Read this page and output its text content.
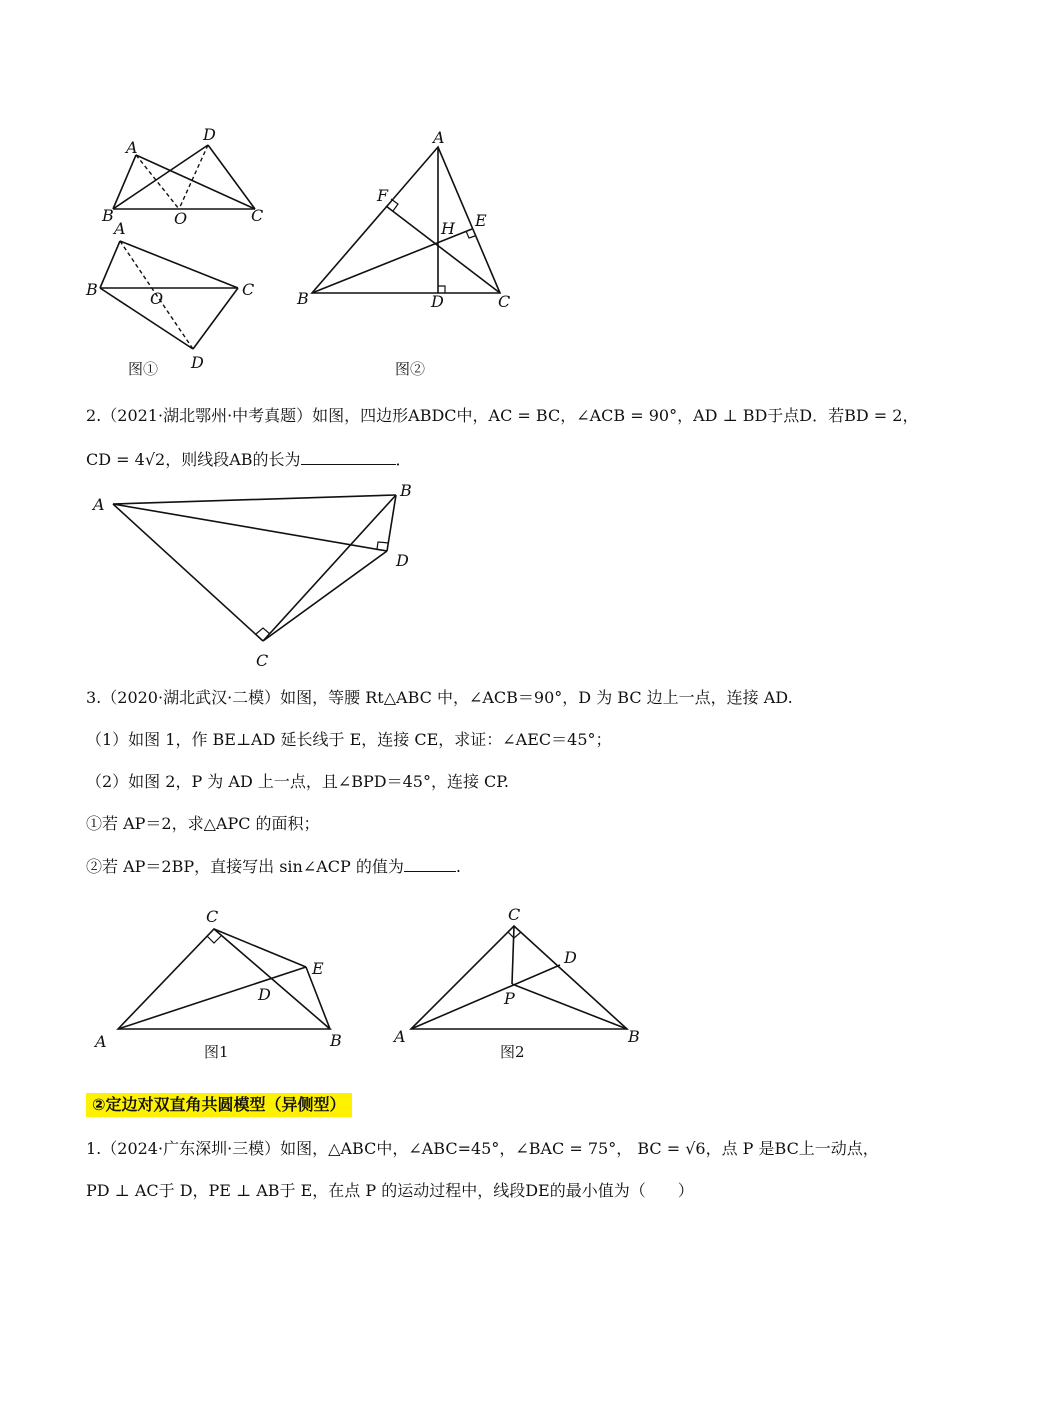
A
D
B	O	C
A
B	O	C
D
图①
A
F
E
H
B	D	C
图②
A
B
D
C
C
E
D
A	B
图1
C
D
P
A	B
图2
2.（2021·湖北鄂州·中考真题）如图，四边形ABDC中，AC = BC，∠ACB = 90°，AD ⊥ BD于点D．若BD = 2，
CD = 4√2，则线段AB的长为	．
3.（2020·湖北武汉·二模）如图，等腰 Rt△ABC 中，∠ACB＝90°，D 为 BC 边上一点，连接 AD.
（1）如图 1，作 BE⊥AD 延长线于 E，连接 CE，求证：∠AEC＝45°；
（2）如图 2，P 为 AD 上一点，且∠BPD＝45°，连接 CP.
①若 AP＝2，求△APC 的面积；
②若 AP＝2BP，直接写出 sin∠ACP 的值为	.
②定边对双直角共圆模型（异侧型）
1.（2024·广东深圳·三模）如图，△ABC中，∠ABC=45°，∠BAC = 75°， BC = √6，点 P 是BC上一动点，
PD ⊥ AC于 D，PE ⊥ AB于 E，在点 P 的运动过程中，线段DE的最小值为（　　）
